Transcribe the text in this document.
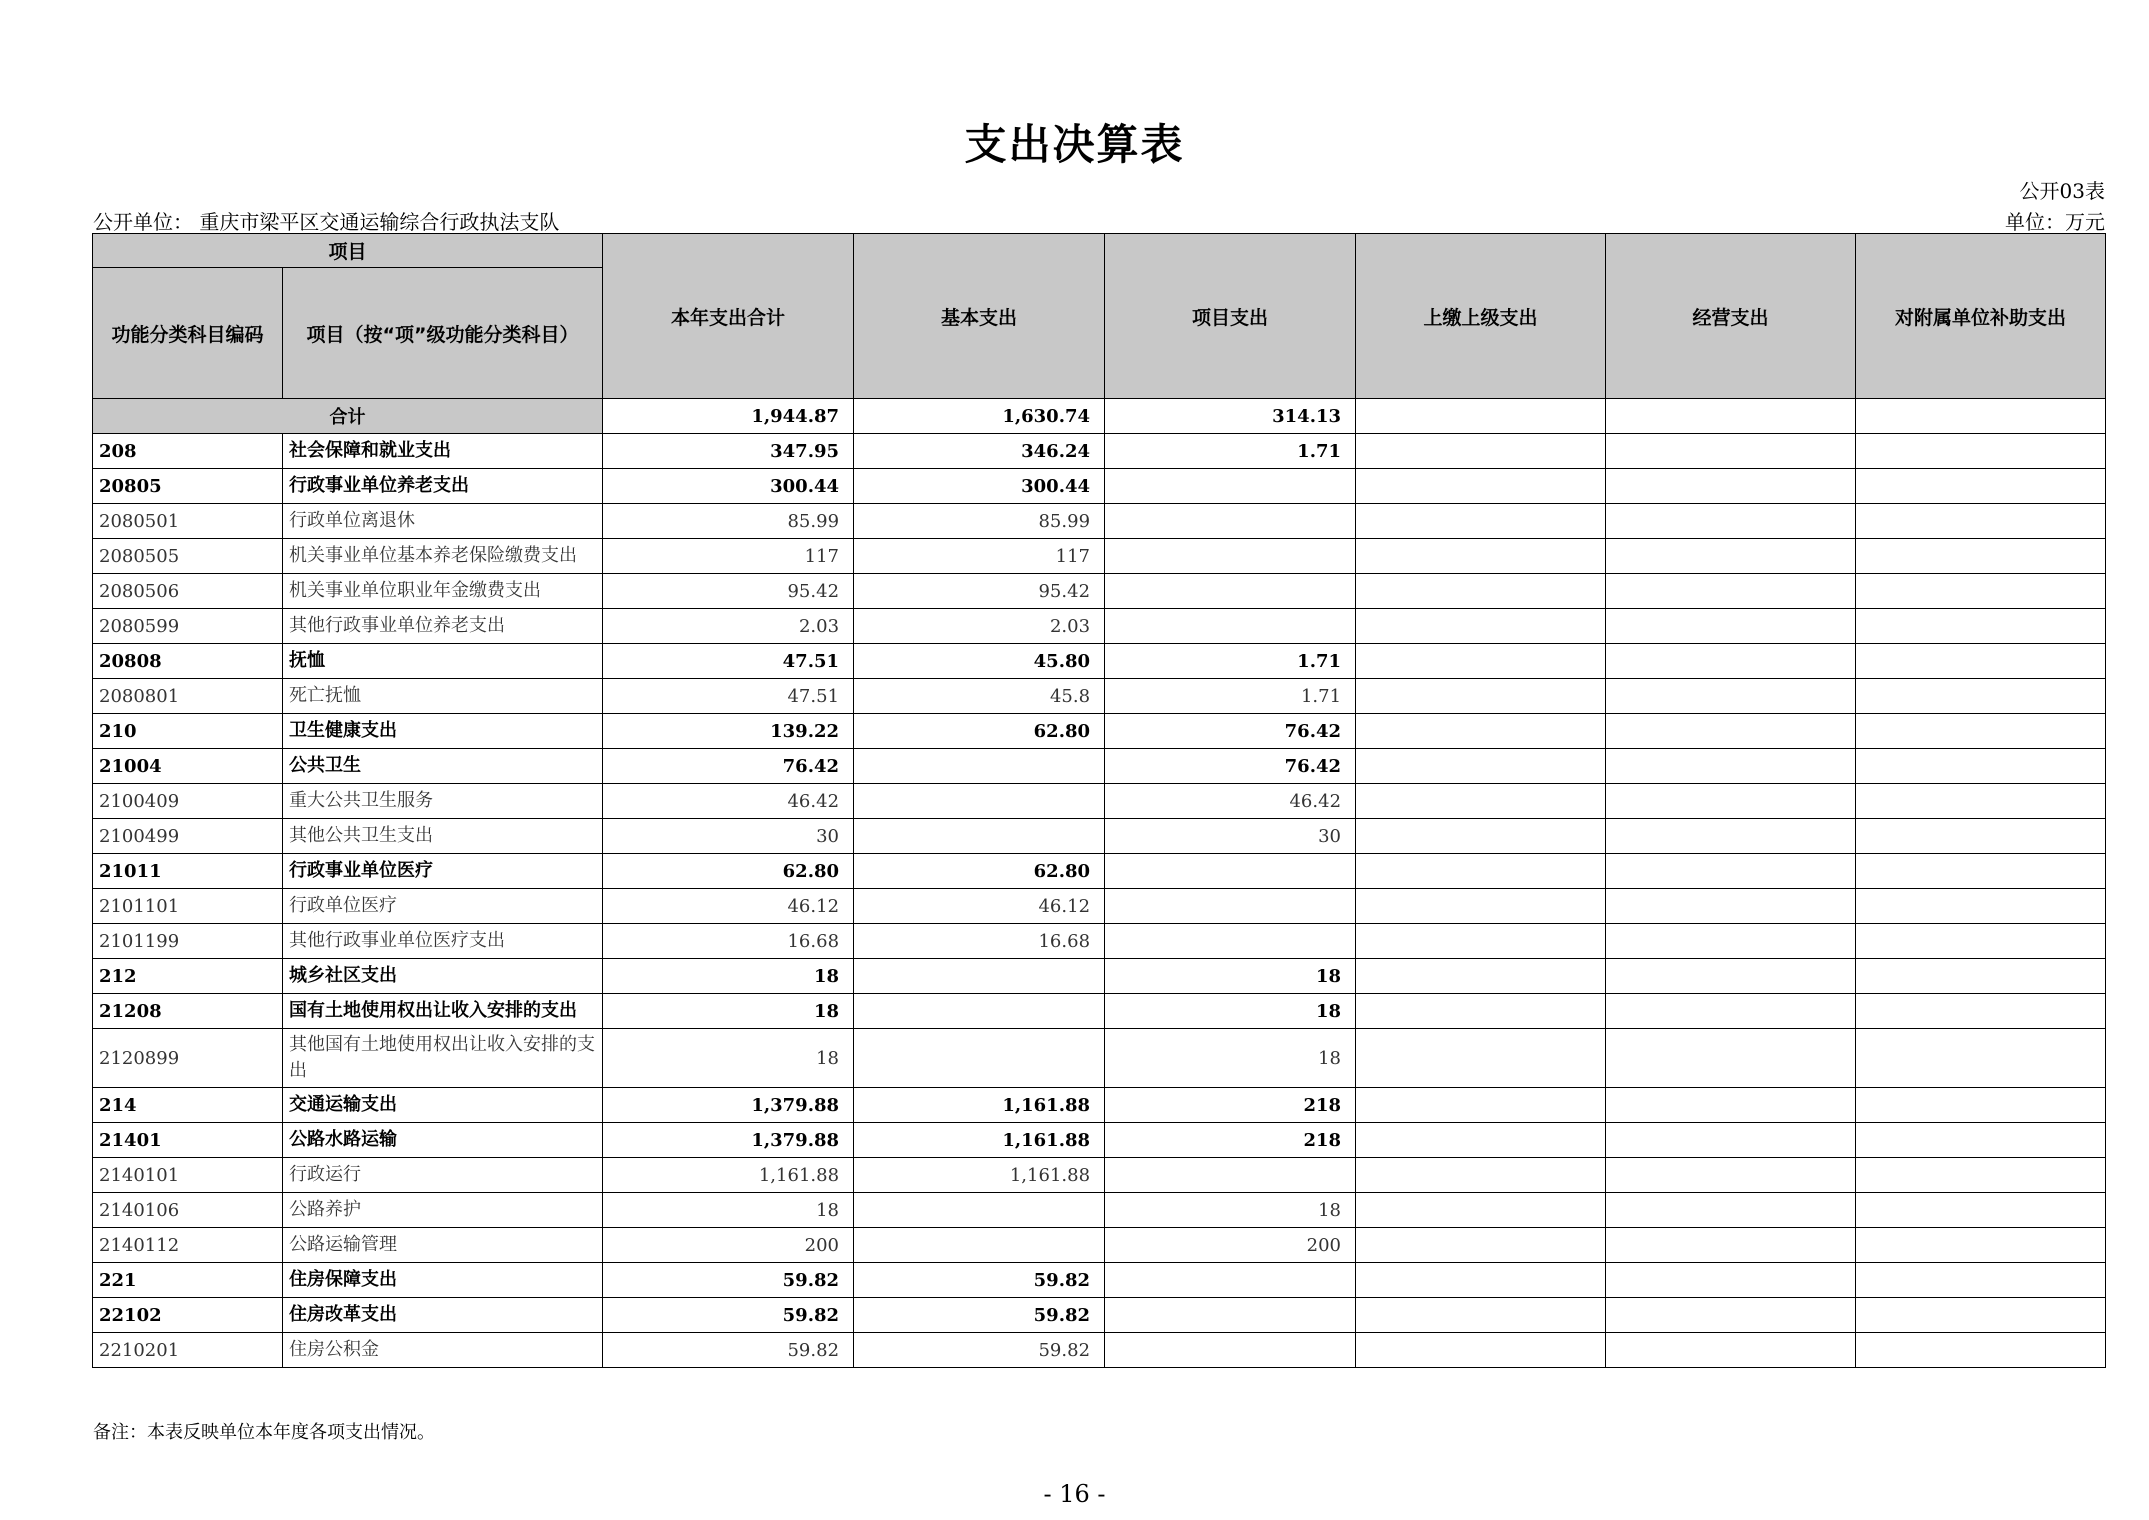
支出决算表
公开03表
公开单位： 重庆市梁平区交通运输综合行政执法支队	单位：万元
项目		本年支出合计	基本支出	项目支出	上缴上级支出	经营支出	对附属单位补助支出
功能分类科目编码	项目（按“项”级功能分类科目）						
合计		1,944.87	1,630.74	314.13			
208	社会保障和就业支出	347.95	346.24	1.71			
20805	行政事业单位养老支出	300.44	300.44				
2080501	行政单位离退休	85.99	85.99				
2080505	机关事业单位基本养老保险缴费支出	117	117				
2080506	机关事业单位职业年金缴费支出	95.42	95.42				
2080599	其他行政事业单位养老支出	2.03	2.03				
20808	抚恤	47.51	45.80	1.71			
2080801	死亡抚恤	47.51	45.8	1.71			
210	卫生健康支出	139.22	62.80	76.42			
21004	公共卫生	76.42		76.42			
2100409	重大公共卫生服务	46.42		46.42			
2100499	其他公共卫生支出	30		30			
21011	行政事业单位医疗	62.80	62.80				
2101101	行政单位医疗	46.12	46.12				
2101199	其他行政事业单位医疗支出	16.68	16.68				
212	城乡社区支出	18		18			
21208	国有土地使用权出让收入安排的支出	18		18			
2120899	其他国有土地使用权出让收入安排的支出	18		18			
214	交通运输支出	1,379.88	1,161.88	218			
21401	公路水路运输	1,379.88	1,161.88	218			
2140101	行政运行	1,161.88	1,161.88				
2140106	公路养护	18		18			
2140112	公路运输管理	200		200			
221	住房保障支出	59.82	59.82				
22102	住房改革支出	59.82	59.82				
2210201	住房公积金	59.82	59.82				
备注：本表反映单位本年度各项支出情况。
- 16 -
